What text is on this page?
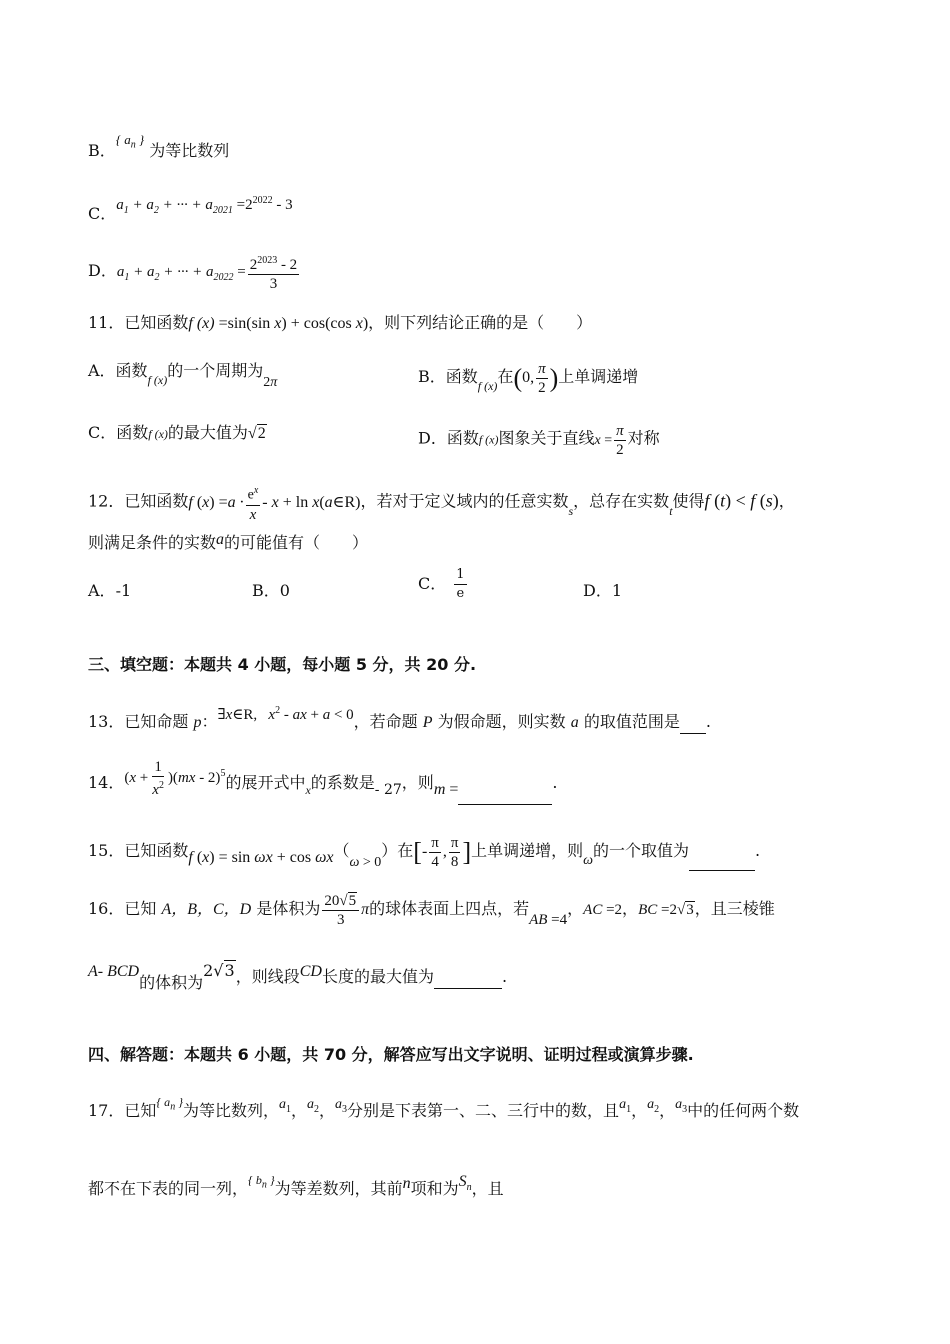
B．$^{\{ a_n \}}$ 为等比数列
C．$a_1 + a_2$ + ··· + $a_{2021} =2^{2022} - 3$
D．$a_1 + a_2$ + ··· + $a_{2022} = \frac{2^{2023} - 2}{3}$
11．已知函数f (x) =sin(sin x) + cos(cos x)，则下列结论正确的是（　　）
A．函数$_{f (x)}$的一个周期为2π	B．函数$_{f (x)}$在(0, $\frac{\pi}{2}$ )上单调递增
C．函数f (x)的最大值为√2	D．函数f (x)图象关于直线$x = \frac{\pi}{2}$ 对称
12．已知函数f $(x) =a \cdot \frac{e^x}{x} - x + \ln$ x(a∈R)，若对于定义域内的任意实数$_s$，总存在实数$_t$使得f (t) < f (s)，
则满足条件的实数a的可能值有（　　）
A．-1	B．0	C． $\frac{1}{e}$	D．1
三、填空题：本题共 4 小题，每小题 5 分，共 20 分.
13．已知命题 p：∃x∈R,   $x^2$ - ax + a < 0，若命题 P 为假命题，则实数 a 的取值范围是 .
14．$(x + \frac{1}{x^2} )(mx - 2)^5$的展开式中$_x$的系数是- 27，则m =	.
15．已知函数f (x) = sin ωx + cos ωx（ω > 0）在[- $\frac{\pi}{4}$ , $\frac{\pi}{8}$ ]上单调递增，则ω的一个取值为	.
16．已知 A，B，C，D 是体积为 $\frac{20√5}{3}$ π的球体表面上四点，若AB =4，AC =2，BC =2√3，且三棱锥
A- BCD的体积为2√3，则线段CD长度的最大值为	.
四、解答题：本题共 6 小题，共 70 分，解答应写出文字说明、证明过程或演算步骤.
17．已知$^{\{ a_n \}}$为等比数列，$a_1$，$a_2$，$a_3$分别是下表第一、二、三行中的数，且$a_1$，$a_2$，$a_3$中的任何两个数
都不在下表的同一列，$^{\{ b_n \}}$为等差数列，其前n项和为$S_n$，且
